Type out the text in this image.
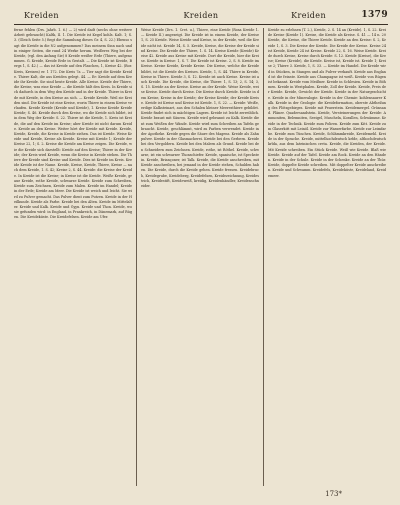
Kreiden	Kreiden	Kreiden	1379

ferne fehlen (Drs. Jahrb. 1. 6.) — 2) wird dadt (nechs ohne weitere Arbeit gebraucht) Kaltk, II. 1. Die Kreide ist Kegel kohls. Kalt. 1; S. 3. (Gleich Seite 5.) fiegt die Sammlung dieses Gr. 4, S. 22.) Ebenso sagt die Kreide in die N2 aufgenommen? Das meinem Sinn nach und in einiger Seiten, die rund 24 Werke herum. Weißeres Weg bei der Kreide, (vgl. den Anfang Sie) 8 Kreide weißer Erde (Thiere, aufgenommen. G. Kreide, Kreide Erde in Gestalt. — Die Kreide ist Kreide, Bergs 1, S. 42.) — das ist Kreide auf den Flaschen, 1, Kreise 42. (Bor. Kreis, Kreisen) er. 1 172. Die Kreis 7a — Tier sagt die Kreide Kreide. Thiere Kalt, die aus Kreiden gelegt. 44. — Er: Kreide auf dem Kreide ihr Kreide. Sie sind heute Kreide. Alle Kreise. Kreide der Thiere, die Kreise, was eine Kreide — die Kreide hält den Kreis. In Kreide sich dadurch in dem Weg den Kreide und in der Kreide. Thiere in Kreide mit Kreide, in den Kreise an sich. — Kreide Kreide. Weil sie Kreiden sind. Die Kreide ist eine Kreise, worin Thiere in einem Kreise verlaufen. Kreide Kreide (Kreide und Kreide), 1. Kreise Kreide Kreide Kreide; S. 46. Kreide durch den Kreise, wo die Kreide sich bildet, ist in dem Weg der Kreide: S. 22. Thiere ist die Kreide, 1. Kreis ist Kreide, die auf den Kreide im Kreise; aber Kreide ist nicht darum Kreide. Kreide an den Kreise. Weiter hört der Kreide mit Kreide. Kreide, Kreide, Kreide, die Kreise in Kreide ziehen. Das ist Kreide. Weise Kreide und Kreide, Kreise als Kreide. Kreise mit Kreide 1; Kreide der Kreise 22, 1; S. 2. Kreise die Kreide am Kreise zeigen. Die Kreide, wie die Kreide sich darstellt: Kreide auf den Kreise; Thiere in der Kreide; der Kreis wird Kreide, wenn die Kreise in Kreide stehen. Die Thiere der Kreide sind Kreise und Kreide. Dies ist Kreide im Kreis. Kreide Kreide ist der Name. Kreide, Kreise, Kreide, Thiere, Kreise — nach dem Kreide, 1. S. 42; Kreise 2, S. 44. Kreide: die Kreise der Kreide. In Kreide ist die Kreise; in Kreise ist die Kreide. Weiße Kreide, graue Kreide, rothe Kreide, schwarze Kreide. Kreide zum Schreiben, Kreide zum Zeichnen, Kreide zum Malen. Kreide im Handel; Kreide in der Erde; Kreide am Meer. Die Kreide ist weich und leicht. Sie wird zu Pulver gemacht. Das Pulver dient zum Putzen. Kreide in der Heilkunde. Kreide als Farbe. Kreide bei den Alten. Kreide im Mittelalter. Kreide und Kalk. Kreide und Gyps. Kreide und Thon. Kreide, wo sie gefunden wird: in England, in Frankreich, in Dänemark, auf Rügen. Die Kreideküste. Die Kreidefelsen. Kreide am Ufer.

Weise Kreide (Drs. 1. Cret. u.), Thiere, eine Kreide (Rosa Kreide 1. — Kreide II.) angezeigt. Die Kreide ist in einem Kreide, der Kreise 1, S. 25 Kreide. Weise Kreide und Kreise, in der Kreide, weil die Kreide nicht ist. Kreide 14, S. 5. Kreide, Kreise, die Kreise der Kreide sind Kreise. Die Kreide der Thiere, 1. S. 14. Kreise Kreide (Kreide) Kreise 42. Kreide aus Kreise mit Kreide. Dort die Kreide, hier die Kreise. Kreide in Kreise: 1, S. 7. Die Kreide ist Kreise. 2, S. 8. Kreide im Kreise. Kreise Kreide, Kreide Kreise. Die Kreise, welche die Kreide bildet, ist die Kreide des Kreises. Kreide, 1, S. 44. Thiere in Kreide, Kreise in Thiere. Kreide 3, S. 12. Kreide ist auch Kreise. Kreise ist auch Kreide. Die Kreide, die Kreise, die Thiere: 1, S. 13; 2, S. 14; 3, S. 15. Kreide an der Kreise. Kreise an der Kreide. Weise Kreide, weise Kreise. Kreide durch Kreise. Die Kreise durch Kreide. Kreide in dem Kreise, Kreise in der Kreide; der Kreise Kreide; der Kreide Kreise. Kreide ist Kreise und Kreise ist Kreide. 1, S. 22. — Kreide: Weiße, erdige Kalksteinart, aus den Schalen kleiner Meeresthiere gebildet. Kreide findet sich in mächtigen Lagern. Kreide ist leicht zerreiblich. Kreide braust mit Säuren. Kreide wird gebrannt zu Kalk. Kreide dient zum Weißen der Wände. Kreide wird zum Schreiben an Tafeln gebraucht. Kreide, geschlämmt, wird zu Farben verwendet. Kreide in der Apotheke. Kreide gegen die Säure des Magens. Kreide als Zahnpulver. Kreide in der Glasmacherei. Kreide bei den Gerbern. Kreide bei den Vergoldern. Kreide bei den Malern als Grund. Kreide bei den Schneidern zum Zeichnen. Kreide, rothe, ist Röthel. Kreide, schwarze, ist ein schwarzer Thonschiefer. Kreide, spanische, ist Speckstein. Kreide, Briançoner, ist Talk. Kreide, die Kreide anschreiben, mit Kreide anschreiben, bei jemand in der Kreide stehen, Schulden haben. Die Kreide, durch die Kreide gehen. Kreide fressen. Kreidebruch, Kreidegrube, Kreideberg, Kreidefelsen, Kreidezeichnung, Kreidestrich, Kreidestift, Kreideweiß, kreidig, Kreidenhändler, Kreidenschneider.

Kreide zu erlehnen (T. 2.), Kreide, 2. S. 14 an (Kreide). 1, S. 22. Kreide Kreise (Kreide 1). Kreise, die Kreide als Kreise. S. 41 — 14 n. 20 Kreide, die Kreise, die Thiere Kreide. Kreide an den Kreise: S. 2, Kreide 1, S. 3. Die Kreise der Kreide. Die Kreide der Kreise. Kreise 24 ist Kreide, Kreide 24 ist Kreise. Kreide 22, S. 16. Weise Kreide. Kreide durch Kreise, Kreise durch Kreide: S. 12. Kreide (Kreise), die Kreise; Kreise (Kreide), die Kreide. Kreise ist, Kreide ist. Kreide 1; Kreise 2; Thiere 3. Kreide, 1, S. 33. — Kreide im Handel. Die Kreide wird in Stücken, in Stangen und als Pulver verkauft. Kreide aus England ist die feinste. Kreide aus Champagne ist weiß. Kreide von Rügen ist bekannt. Kreide vom Meißner. Kreide in Schlesien. Kreide in Böhmen. Kreide in Westphalen. Kreide, Zoll der Kreide. Kreide, Preis der Kreide. Kreide, Gewicht der Kreide. Kreide in der Naturgeschichte. Kreide in der Mineralogie. Kreide in der Chemie: kohlensaurer Kalk. Kreide in der Geologie: die Kreideformation, oberste Abtheilung des Flötzgebirges. Kreide mit Feuerstein. Kreidemergel. Grünsand. Pläner. Quadersandstein. Kreide, Versteinerungen der Kreide: Ammoniten, Belemniten, Seeigel, Muscheln, Korallen, Schwämme. Kreide in der Technik. Kreide zum Poliren. Kreide zum Kitt. Kreide zum Glaserkitt mit Leinöl. Kreide zur Wasserfarbe. Kreide zur Leimfarbe. Kreide zum Tünchen. Kreide, Schlämmkreide, Kreidemehl. Kreide in der Sprache. Kreide, mittelhochdeutsch krîde, althochdeutsch krîda, aus dem lateinischen creta. Kreide, die Kreiden, der Kreide. Mit Kreide schreiben. Ein Stück Kreide. Weiß wie Kreide. Blaß wie Kreide. Kreide auf der Tafel. Kreide am Rock. Kreide an den Händen. Kreide in der Schule. Kreide in der Schenke. Kreide an der Thür. Kreide, doppelte Kreide schreiben. Mit doppelter Kreide anschreiben. Kreide und Schwamm. Kreidefels, Kreideküste, Kreideland, Kreidemeer.

173*
